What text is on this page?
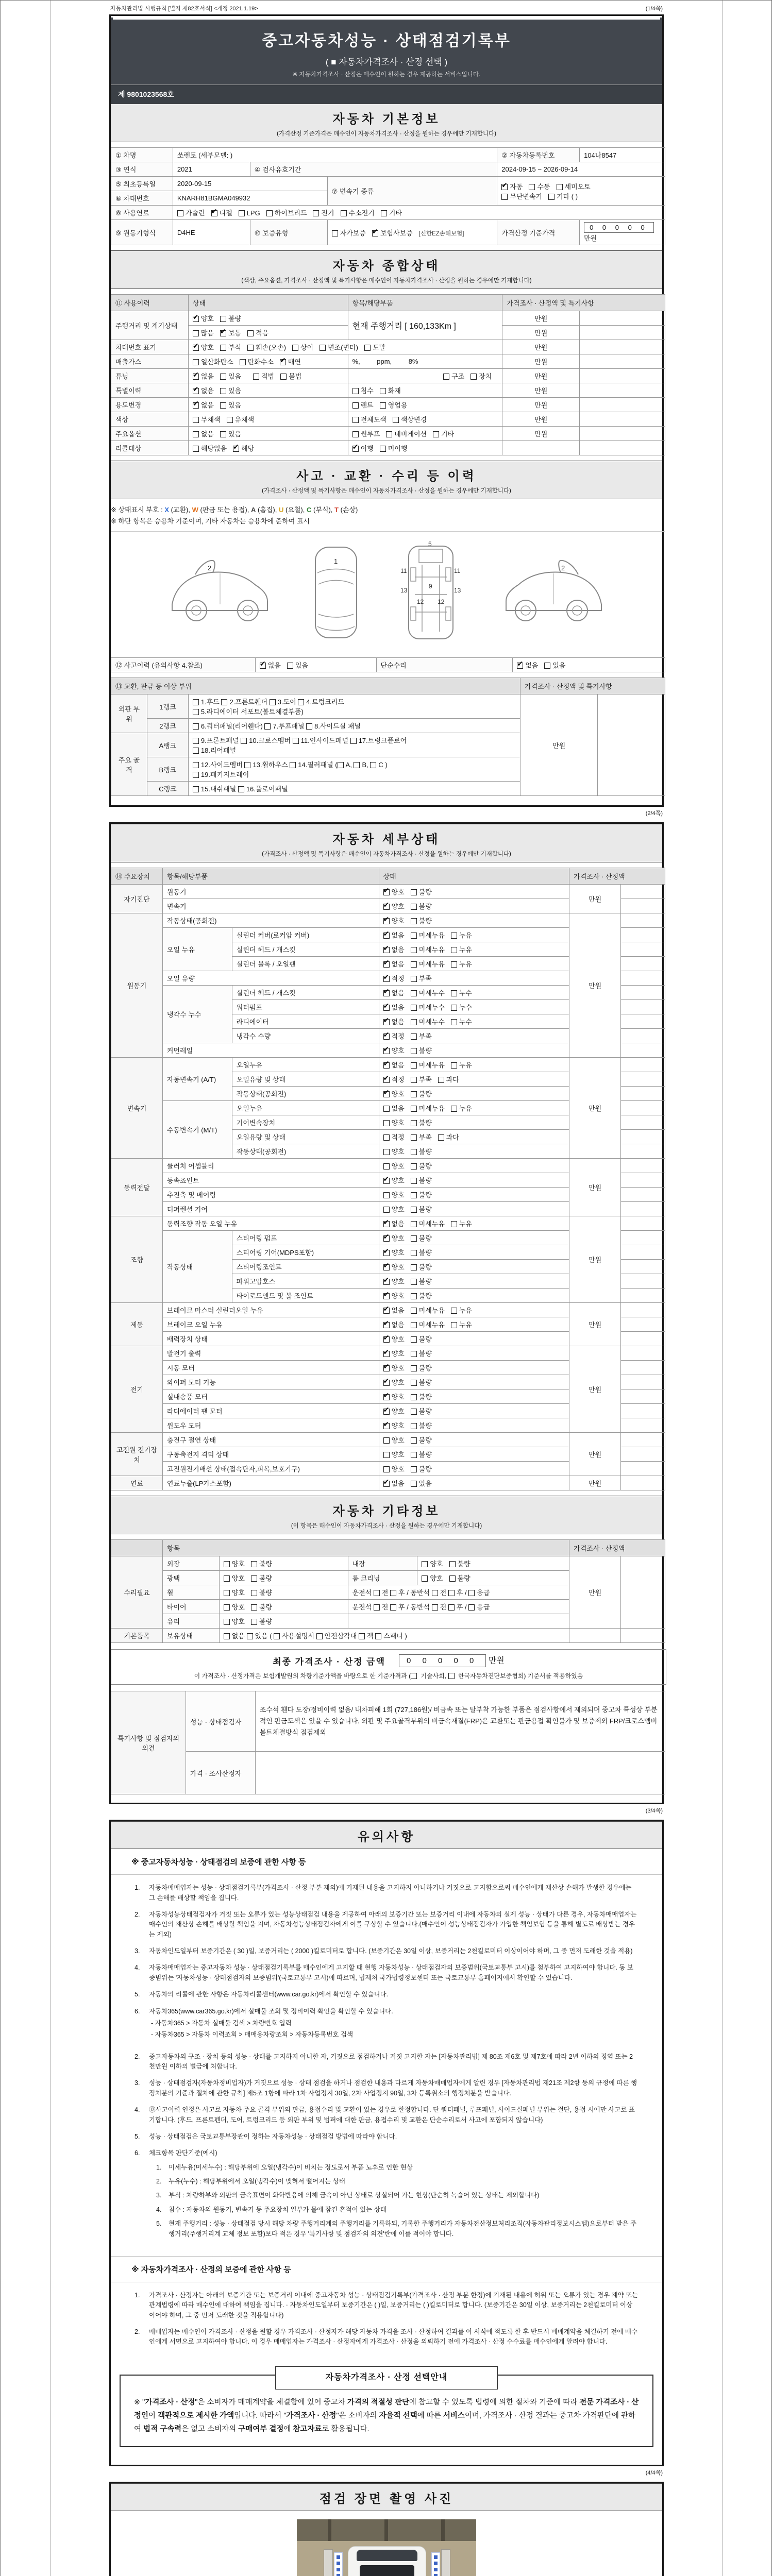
자동차관리법 시행규칙 [별지 제82호서식] <개정 2021.1.19>	(1/4쪽)
중고자동차성능 · 상태점검기록부
( ■ 자동차가격조사 · 산정 선택 )
※ 자동차가격조사 · 산정은 매수인이 원하는 경우 제공하는 서비스입니다.
제 9801023568호
자동차 기본정보
(가격산정 기준가격은 매수인이 자동차가격조사 · 산정을 원하는 경우에만 기재합니다)
① 차명	쏘렌토 (세부모델: )			② 자동차등록번호	104나8547
③ 연식	2021	④ 검사유효기간		2024-09-15 ~ 2026-09-14	
⑤ 최초등록일	2020-09-15		⑦ 변속기 종류	✔자동 수동 세미오토
무단변속기 기타 ( )
⑥ 차대번호	KNARH81BGMA049932				
⑧ 사용연료	가솔린 ✔ 디젤 LPG 하이브리드 전기 수소전기 기타
⑨ 원동기형식	D4HE	⑩ 보증유형	자가보증 ✔ 보험사보증 [신한EZ손해보험]	가격산정 기준가격	0 0 0 0 0 만원
자동차 종합상태
(색상, 주요옵션, 가격조사 · 산정액 및 특기사항은 매수인이 자동차가격조사 · 산정을 원하는 경우에만 기재합니다)
⑪ 사용이력	상태	항목/해당부품	가격조사 · 산정액 및 특기사항	
주행거리 및 계기상태	✔양호 불량	현재 주행거리 [ 160,133Km ]	만원	
	많음 ✔ 보통 적음		만원	
차대번호 표기	✔양호 부식 훼손(오손) 상이 변조(변타) 도말		만원	
배출가스	일산화탄소 탄화수소 ✔ 매연	%,         ppm,         8%	만원	
튜닝	✔없음 있음 적법 불법	구조 장치	만원	
특별이력	✔없음 있음	침수 화재	만원	
용도변경	✔없음 있음	렌트 영업용	만원	
색상	무채색 유채색	전체도색 색상변경	만원	
주요옵션	없음 있음	썬루프 네비게이션 기타	만원	
리콜대상	해당없음 ✔ 해당	✔이행 미이행		
사고 · 교환 · 수리 등 이력
(가격조사 · 산정액 및 특기사항은 매수인이 자동차가격조사 · 산정을 원하는 경우에만 기재합니다)
※ 상태표시 부호 : X (교환), W (판금 또는 용접), A (흠집), U (요철), C (부식), T (손상)
※ 하단 항목은 승용차 기준이며, 기타 자동차는 승용차에 준하여 표시
2
1
5
11	11
13	13
12 12
9
2
⑫ 사고이력 (유의사항 4.참조)	✔없음 있음	단순수리	✔없음 있음
⑬ 교환, 판금 등 이상 부위			가격조사 · 산정액 및 특기사항	
외판 부위	1랭크	1.후드 2.프론트휀더 3.도어 4.트렁크리드
5.라디에이터 서포트(볼트체결부품)	만원	
	2랭크	6.쿼터패널(리어휀다) 7.루프패널 8.사이드실 패널		
주요 골격	A랭크	9.프론트패널 10.크로스멤버 11.인사이드패널 17.트렁크플로어
18.리어패널		
	B랭크	12.사이드멤버 13.휠하우스 14.필러패널 ( A, B, C )
19.패키지트레이		
	C랭크	15.대쉬패널 16.플로어패널		
(2/4쪽)
자동차 세부상태
(가격조사 · 산정액 및 특기사항은 매수인이 자동차가격조사 · 산정을 원하는 경우에만 기재합니다)
⑭ 주요장치	항목/해당부품		상태	가격조사 · 산정액	
자기진단	원동기	✔양호 불량	만원	
	변속기	✔양호 불량	
원동기	작동상태(공회전)	✔양호 불량	만원	
	오일 누유	실린더 커버(로커암 커버)	✔없음 미세누유 누유	
		실린더 헤드 / 개스킷	✔없음 미세누유 누유	
		실린더 블록 / 오일팬	✔없음 미세누유 누유	
	오일 유량	✔적정 부족	
	냉각수 누수	실린더 헤드 / 개스킷	✔없음 미세누수 누수	
		워터펌프	✔없음 미세누수 누수	
		라디에이터	✔없음 미세누수 누수	
		냉각수 수량	✔적정 부족	
	커먼레일	✔양호 불량	
변속기	자동변속기 (A/T)	오일누유	✔없음 미세누유 누유	만원	
		오일유량 및 상태	✔적정 부족 과다	
		작동상태(공회전)	✔양호 불량	
	수동변속기 (M/T)	오일누유	없음 미세누유 누유		
		기어변속장치	양호 불량		
		오일유량 및 상태	적정 부족 과다		
		작동상태(공회전)	양호 불량		
동력전달	클러치 어셈블리		양호 불량	만원	
	등속죠인트	✔양호 불량	
	추진축 및 베어링		양호 불량		
	디퍼렌셜 기어		양호 불량		
조향	동력조향 작동 오일 누유	✔없음 미세누유 누유	만원	
	작동상태	스티어링 펌프	✔양호 불량	
		스티어링 기어(MDPS포함)	✔양호 불량	
		스티어링조인트	✔양호 불량	
		파워고압호스	✔양호 불량	
		타이로드엔드 및 볼 조인트	✔양호 불량	
제동	브레이크 마스터 실린더오일 누유	✔없음 미세누유 누유	만원	
	브레이크 오일 누유	✔없음 미세누유 누유	
	배력장치 상태	✔양호 불량	
전기	발전기 출력	✔양호 불량	만원	
	시동 모터	✔양호 불량	
	와이퍼 모터 기능	✔양호 불량	
	실내송풍 모터	✔양호 불량	
	라디에이터 팬 모터	✔양호 불량	
	윈도우 모터	✔양호 불량	
고전원 전기장치	충전구 절연 상태		양호 불량	만원	
	구동축전지 격리 상태		양호 불량		
	고전원전기배선 상태(접속단자,피복,보호기구)		양호 불량		
연료	연료누출(LP가스포함)	✔없음 있음	만원	
자동차 기타정보
(이 항목은 매수인이 자동차가격조사 · 산정을 원하는 경우에만 기재합니다)
	항목				가격조사 · 산정액	
수리필요	외장	양호 불량	내장	양호 불량	만원	
	광택	양호 불량	룸 크리닝	양호 불량		
	휠	양호 불량	운전석 전 후 / 동반석 전 후 / 응급			
	타이어	양호 불량	운전석 전 후 / 동반석 전 후 / 응급			
	유리	양호 불량				
기본품목	보유상태	없음 있음 ( 사용설명서 안전삼각대 잭 스패너 )				
최종 가격조사 · 산정 금액	0 0 0 0 0 만원
이 가격조사 · 산정가격은 보험개발원의 차량기준가액을 바탕으로 한 기준가격과 ( 기술사회,  한국자동차진단보증협회) 기준서를 적용하였음
특기사항 및 점검자의 의견	성능 · 상태점검자	조수석 휀다 도장/정비이력 없음/ 내차피해 1회 (727,186원)/ 비금속 또는 탈부착 가능한 부품은 점검사항에서 제외되며 중고차 특성상 부분적인 판금도색은 있을 수 있습니다. 외판 및 주요골격부위의 비금속재질(FRP)은 교환또는 판금용접 확인불가 및 보증제외 FRP/크로스멤버 볼트체결방식 점검제외
	가격 · 조사산정자	
(3/4쪽)
유의사항
※ 중고자동차성능 · 상태점검의 보증에 관한 사항 등
1.	자동차매매업자는 성능 · 상태점검기록부(가격조사 · 산정 부분 제외)에 기재된 내용을 고지하지 아니하거나 거짓으로 고지함으로써 매수인에게 재산상 손해가 발생한 경우에는 그 손해를 배상할 책임을 집니다.
2.	자동차성능상태점검자가 거짓 또는 오류가 있는 성능상태점검 내용을 제공하여 아래의 보증기간 또는 보증거리 이내에 자동차의 실제 성능 · 상태가 다른 경우, 자동차매매업자는 매수인의 재산상 손해를 배상할 책임을 지며, 자동차성능상태점검자에게 이를 구상할 수 있습니다.(매수인이 성능상태점검자가 가입한 책임보험 등을 통해 별도로 배상받는 경우는 제외)
3.	자동차인도일부터 보증기간은 ( 30 )일, 보증거리는 ( 2000 )킬로미터로 합니다. (보증기간은 30일 이상, 보증거리는 2천킬로미터 이상이어야 하며, 그 중 먼저 도래한 것을 적용)
4.	자동차매매업자는 중고자동차 성능 · 상태점검기록부를 매수인에게 고지할 때 현행 자동차성능 · 상태점검자의 보증범위(국토교통부 고시)를 첨부하여 고지하여야 합니다. 동 보증범위는 '자동차성능 · 상태점검자의 보증범위'(국토교통부 고시)에 따르며, 법제처 국가법령정보센터 또는 국토교통부 홈페이지에서 확인할 수 있습니다.
5.	자동차의 리콜에 관한 사항은 자동차리콜센터(www.car.go.kr)에서 확인할 수 있습니다.
6.	자동차365(www.car365.go.kr)에서 실매물 조회 및 정비이력 확인을 확인할 수 있습니다.
- 자동차365 > 자동차 실매물 검색 > 차량번호 입력
- 자동차365 > 자동차 이력조회 > 매매용차량조회 > 자동차등록번호 검색
2.	중고자동차의 구조 · 장치 등의 성능 · 상태를 고지하지 아니한 자, 거짓으로 점검하거나 거짓 고지한 자는 [자동차관리법] 제 80조 제6호 및 제7호에 따라 2년 이하의 징역 또는 2천만원 이하의 벌금에 처합니다.
3.	성능 · 상태점검자(자동차정비업자)가 거짓으로 성능 · 상태 점검을 하거나 점검한 내용과 다르게 자동차매매업자에게 알린 경우 [자동차관리법 제21조 제2항 등의 규정에 따른 행정처분의 기준과 절차에 관한 규칙] 제5조 1항에 따라 1차 사업정지 30일, 2차 사업정지 90일, 3차 등록취소의 행정처분을 받습니다.
4.	⑫사고이력 인정은 사고로 자동차 주요 골격 부위의 판금, 용접수리 및 교환이 있는 경우로 한정합니다. 단 쿼터패널, 루프패널, 사이드실패널 부위는 절단, 용접 시에만 사고로 표기합니다. (후드, 프론트펜더, 도어, 트렁크리드 등 외판 부위 및 범퍼에 대한 판금, 용접수리 및 교환은 단순수리로서 사고에 포함되지 않습니다)
5.	성능 · 상태점검은 국토교통부장관이 정하는 자동차성능 · 상태점검 방법에 따라야 합니다.
6.	체크항목 판단기준(예시)
1.	미세누유(미세누수) : 해당부위에 오일(냉각수)이 비치는 정도로서 부품 노후로 인한 현상
2.	누유(누수) : 해당부위에서 오일(냉각수)이 맺혀서 떨어지는 상태
3.	부식 : 차량하부와 외판의 금속표면이 화학반응에 의해 금속이 아닌 상태로 상실되어 가는 현상(단순히 녹슬어 있는 상태는 제외합니다)
4.	침수 : 자동차의 원동기, 변속기 등 주요장치 일부가 물에 잠긴 흔적이 있는 상태
5.	현재 주행거리 : 성능 · 상태점검 당시 해당 차량 주행거리계의 주행거리를 기록하되, 기록한 주행거리가 자동차전산정보처리조직(자동차관리정보시스템)으로부터 받은 주행거리(주행거리계 교체 정보 포함)보다 적은 경우 '특기사항 및 점검자의 의견'란에 이를 적어야 합니다.
※ 자동차가격조사 · 산정의 보증에 관한 사항 등
1.	가격조사 · 산정자는 아래의 보증기간 또는 보증거리 이내에 중고자동차 성능 · 상태점검기록부(가격조사 · 산정 부분 한정)에 기재된 내용에 허위 또는 오류가 있는 경우 계약 또는 관계법령에 따라 매수인에 대하여 책임을 집니다. · 자동차인도일부터 보증기간은 ( )일, 보증거리는 ( )킬로미터로 합니다. (보증기간은 30일 이상, 보증거리는 2천킬로미터 이상이어야 하며, 그 중 먼저 도래한 것을 적용합니다)
2.	매매업자는 매수인이 가격조사 · 산정을 원할 경우 가격조사 · 산정자가 해당 자동차 가격을 조사 · 산정하여 결과를 이 서식에 적도록 한 후 반드시 매매계약을 체결하기 전에 매수인에게 서면으로 고지하여야 합니다. 이 경우 매매업자는 가격조사 · 산정자에게 가격조사 · 산정을 의뢰하기 전에 가격조사 · 산정 수수료를 매수인에게 알려야 합니다.
자동차가격조사 · 산정 선택안내
※ "가격조사 · 산정"은 소비자가 매매계약을 체결함에 있어 중고차 가격의 적절성 판단에 참고할 수 있도록 법령에 의한 절차와 기준에 따라 전문 가격조사 · 산정인이 객관적으로 제시한 가액입니다. 따라서 "가격조사 · 산정"은 소비자의 자율적 선택에 따른 서비스이며, 가격조사 · 산정 결과는 중고차 가격판단에 관하여 법적 구속력은 없고 소비자의 구매여부 결정에 참고자료로 활용됩니다.
(4/4쪽)
점검 장면 촬영 사진
